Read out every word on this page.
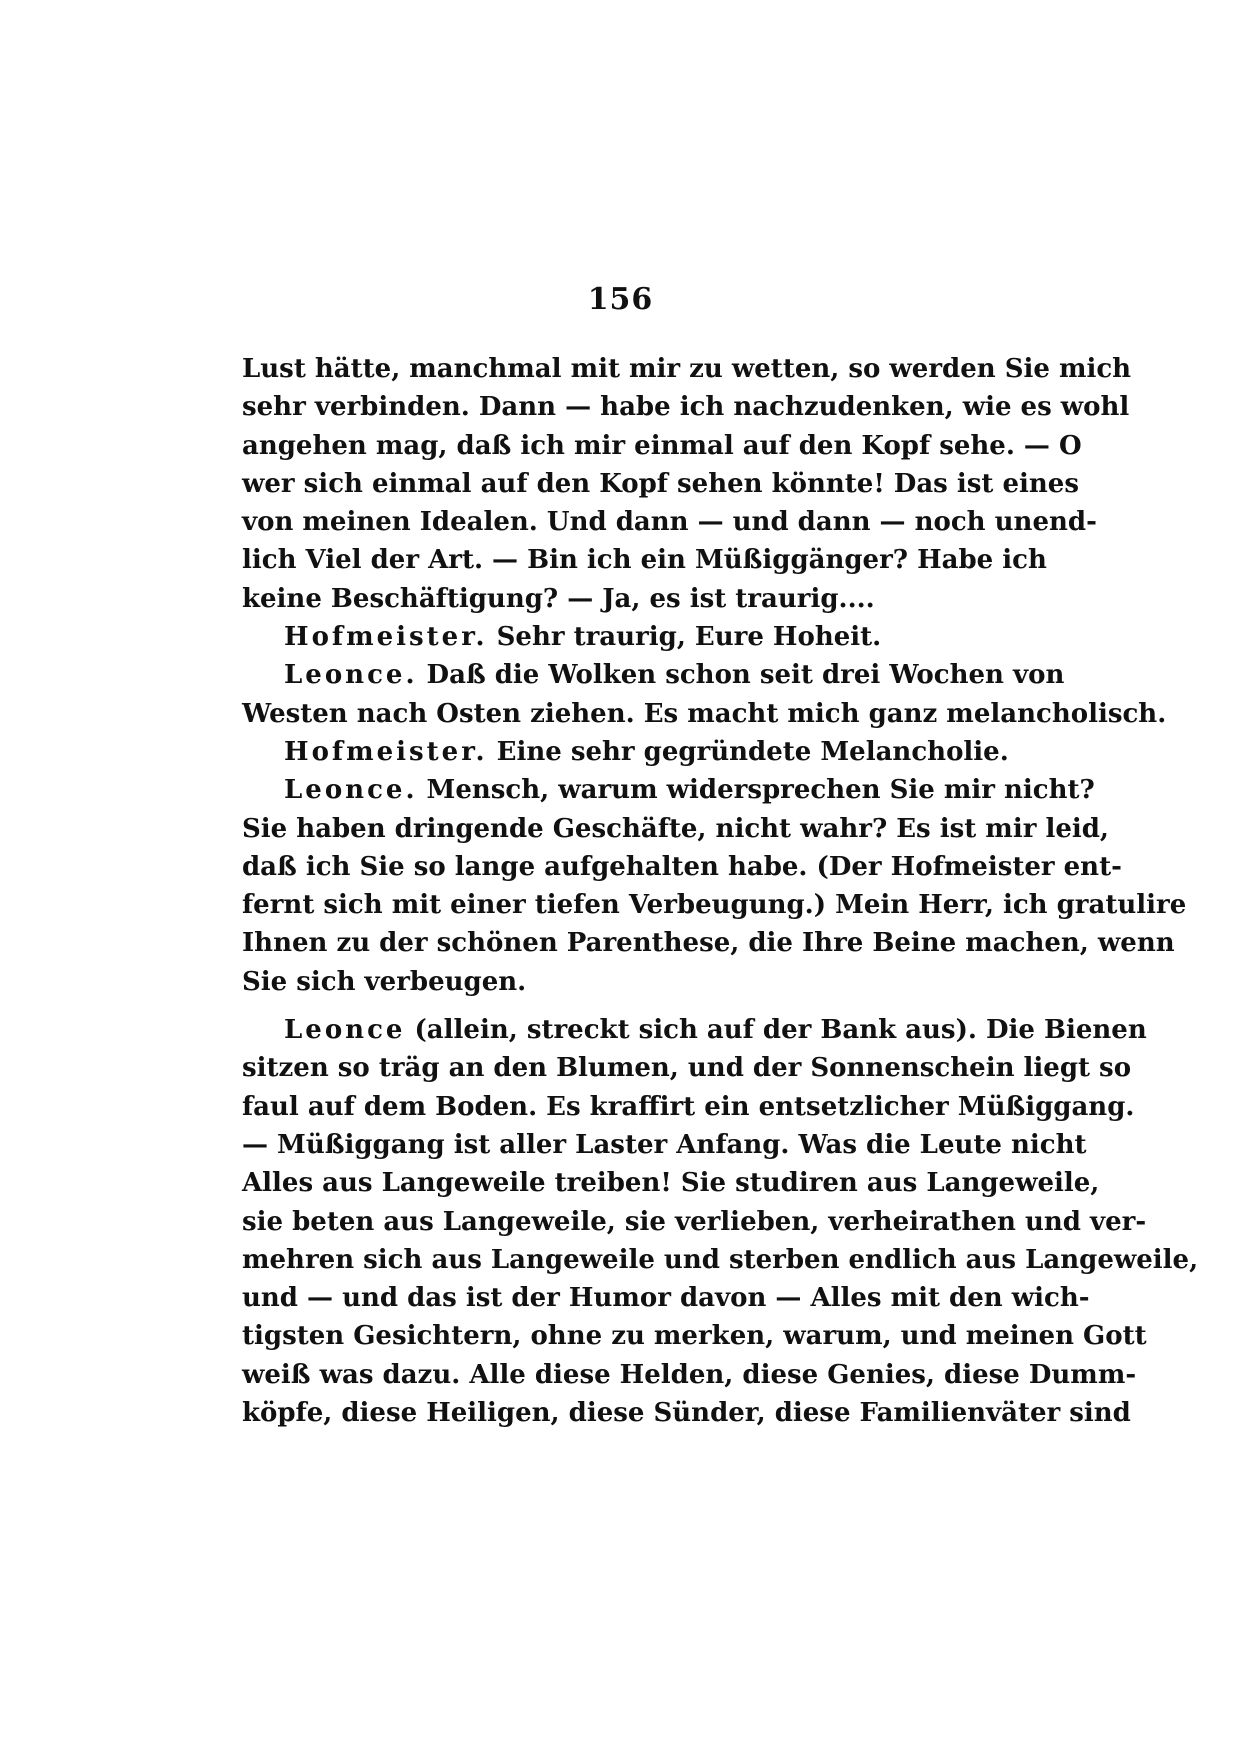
156
Lust hätte, manchmal mit mir zu wetten, so werden Sie mich
sehr verbinden. Dann — habe ich nachzudenken, wie es wohl
angehen mag, daß ich mir einmal auf den Kopf sehe. — O
wer sich einmal auf den Kopf sehen könnte! Das ist eines
von meinen Idealen. Und dann — und dann — noch unend-
lich Viel der Art. — Bin ich ein Müßiggänger? Habe ich
keine Beschäftigung? — Ja, es ist traurig....
Hofmeister. Sehr traurig, Eure Hoheit.
Leonce. Daß die Wolken schon seit drei Wochen von
Westen nach Osten ziehen. Es macht mich ganz melancholisch.
Hofmeister. Eine sehr gegründete Melancholie.
Leonce. Mensch, warum widersprechen Sie mir nicht?
Sie haben dringende Geschäfte, nicht wahr? Es ist mir leid,
daß ich Sie so lange aufgehalten habe. (Der Hofmeister ent-
fernt sich mit einer tiefen Verbeugung.) Mein Herr, ich gratulire
Ihnen zu der schönen Parenthese, die Ihre Beine machen, wenn
Sie sich verbeugen.
Leonce (allein, streckt sich auf der Bank aus). Die Bienen
sitzen so träg an den Blumen, und der Sonnenschein liegt so
faul auf dem Boden. Es kraffirt ein entsetzlicher Müßiggang.
— Müßiggang ist aller Laster Anfang. Was die Leute nicht
Alles aus Langeweile treiben! Sie studiren aus Langeweile,
sie beten aus Langeweile, sie verlieben, verheirathen und ver-
mehren sich aus Langeweile und sterben endlich aus Langeweile,
und — und das ist der Humor davon — Alles mit den wich-
tigsten Gesichtern, ohne zu merken, warum, und meinen Gott
weiß was dazu. Alle diese Helden, diese Genies, diese Dumm-
köpfe, diese Heiligen, diese Sünder, diese Familienväter sind
